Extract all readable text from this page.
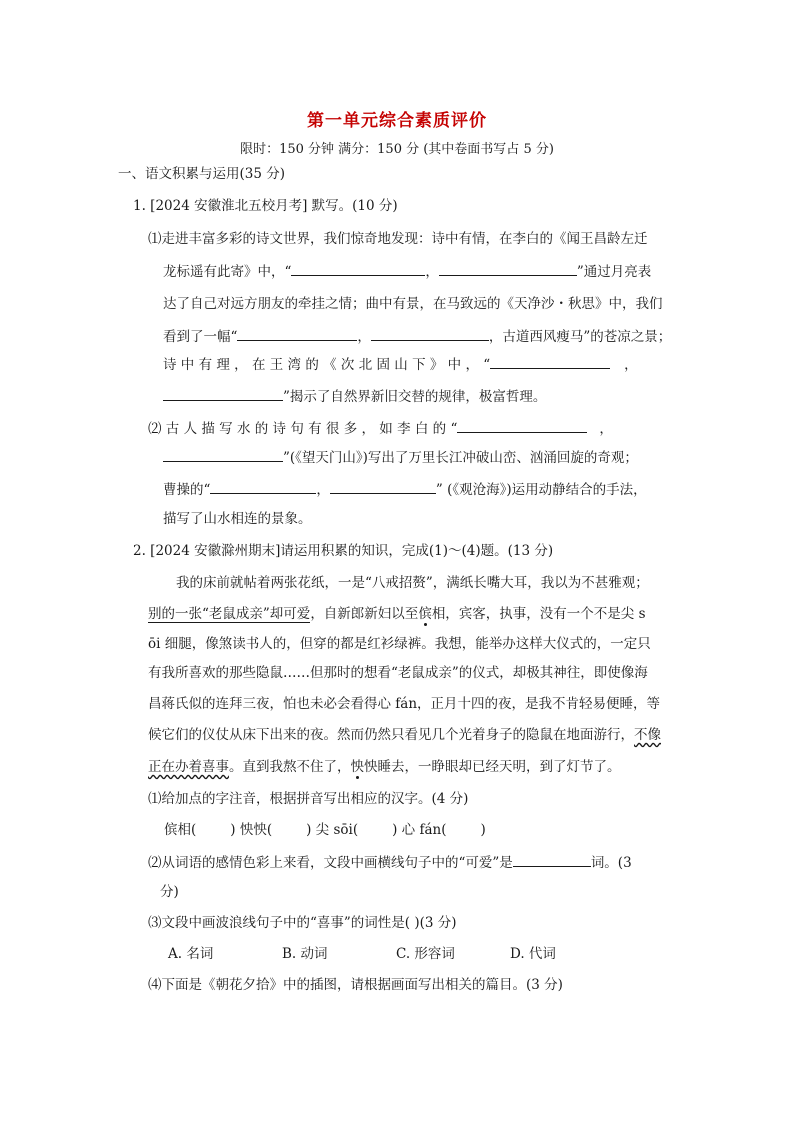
第一单元综合素质评价
限时：150 分钟 满分：150 分 (其中卷面书写占 5 分)
一、语文积累与运用(35 分)
1. [2024 安徽淮北五校月考] 默写。(10 分)
⑴走进丰富多彩的诗文世界，我们惊奇地发现：诗中有情，在李白的《闻王昌龄左迁
龙标遥有此寄》中，“	，	”通过月亮表
达了自己对远方朋友的牵挂之情；曲中有景，在马致远的《天净沙・秋思》中，我们
看到了一幅“	，	，古道西风瘦马”的苍凉之景；
诗 中 有 理 ， 在 王 湾 的 《 次 北 固 山 下 》 中 ， “	，
”揭示了自然界新旧交替的规律，极富哲理。
⑵ 古 人 描 写 水 的 诗 句 有 很 多 ， 如 李 白 的 “	，
”(《望天门山》)写出了万里长江冲破山峦、汹涌回旋的奇观；
曹操的“	，	” (《观沧海》)运用动静结合的手法，
描写了山水相连的景象。
2. [2024 安徽滁州期末]请运用积累的知识，完成(1)～(4)题。(13 分)
我的床前就帖着两张花纸，一是“八戒招赘”，满纸长嘴大耳，我以为不甚雅观；
别的一张“老鼠成亲”却可爱，自新郎新妇以至傧相，宾客，执事，没有一个不是尖 s
ōi 细腿，像煞读书人的，但穿的都是红衫绿裤。我想，能举办这样大仪式的，一定只
有我所喜欢的那些隐鼠……但那时的想看“老鼠成亲”的仪式，却极其神往，即使像海
昌蒋氏似的连拜三夜，怕也未必会看得心 fán，正月十四的夜，是我不肯轻易便睡，等
候它们的仪仗从床下出来的夜。然而仍然只看见几个光着身子的隐鼠在地面游行，不像
正在办着喜事。直到我熬不住了，怏怏睡去，一睁眼却已经天明，到了灯节了。
⑴给加点的字注音，根据拼音写出相应的汉字。(4 分)
傧相(	) 怏怏(	) 尖 sōi(	) 心 fán(	)
⑵从词语的感情色彩上来看，文段中画横线句子中的“可爱”是	词。(3
分)
⑶文段中画波浪线句子中的“喜事”的词性是( )(3 分)
A. 名词	B. 动词	C. 形容词	D. 代词
⑷下面是《朝花夕拾》中的插图，请根据画面写出相关的篇目。(3 分)
